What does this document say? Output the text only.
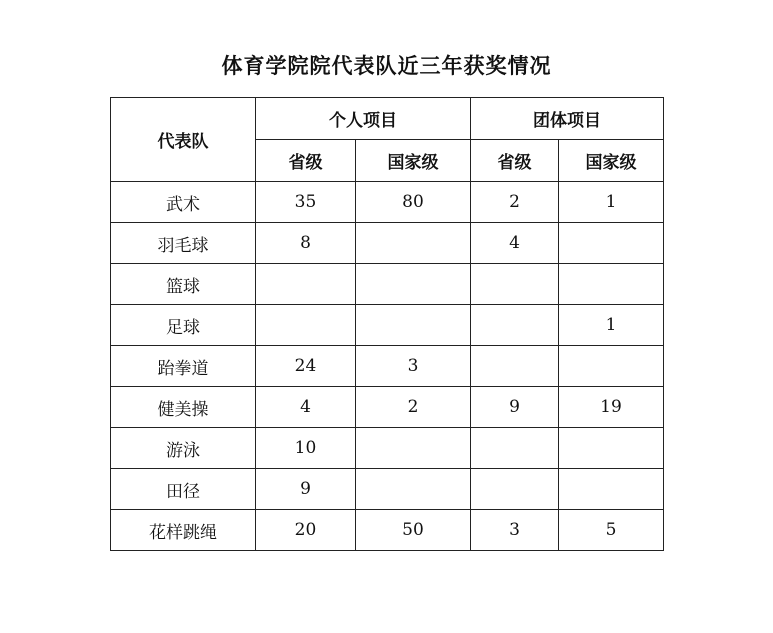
体育学院院代表队近三年获奖情况
代表队	个人项目		团体项目	
	省级	国家级	省级	国家级
武术	35	80	2	1
羽毛球	8		4	
篮球				
足球				1
跆拳道	24	3		
健美操	4	2	9	19
游泳	10			
田径	9			
花样跳绳	20	50	3	5
